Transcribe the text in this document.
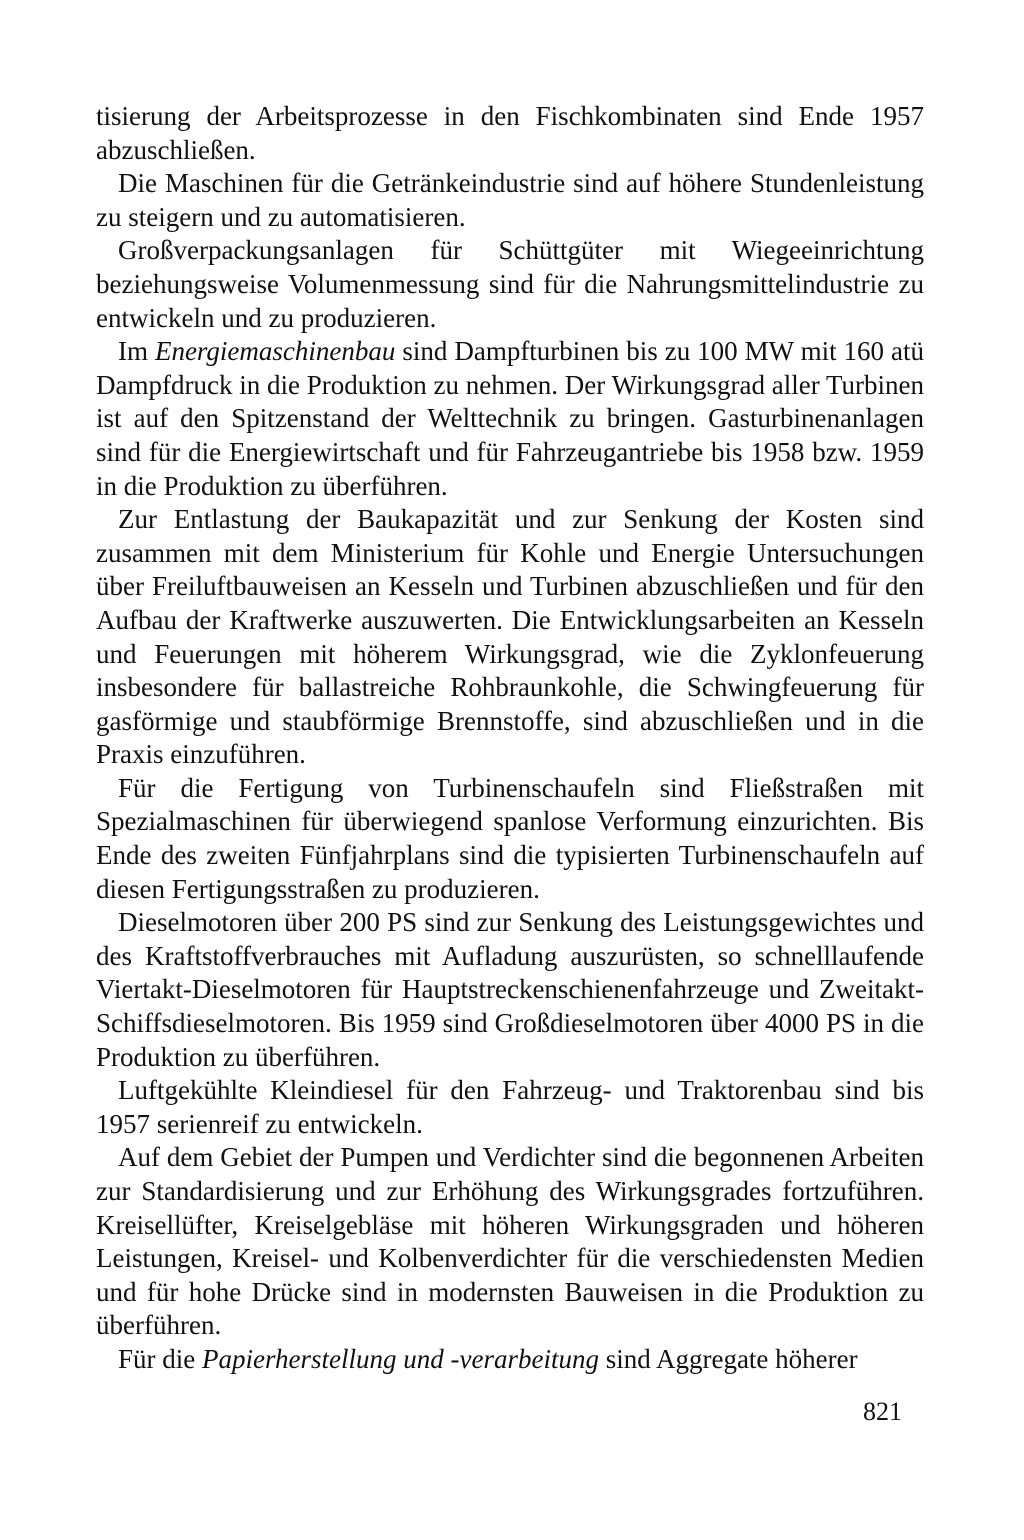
tisierung der Arbeitsprozesse in den Fischkombinaten sind Ende 1957 abzuschließen.

Die Maschinen für die Getränkeindustrie sind auf höhere Stundenleistung zu steigern und zu automatisieren.

Großverpackungsanlagen für Schüttgüter mit Wiegeeinrichtung beziehungsweise Volumenmessung sind für die Nahrungsmittelindustrie zu entwickeln und zu produzieren.

Im Energiemaschinenbau sind Dampfturbinen bis zu 100 MW mit 160 atü Dampfdruck in die Produktion zu nehmen. Der Wirkungsgrad aller Turbinen ist auf den Spitzenstand der Welttechnik zu bringen. Gasturbinenanlagen sind für die Energiewirtschaft und für Fahrzeugantriebe bis 1958 bzw. 1959 in die Produktion zu überführen.

Zur Entlastung der Baukapazität und zur Senkung der Kosten sind zusammen mit dem Ministerium für Kohle und Energie Untersuchungen über Freiluftbauweisen an Kesseln und Turbinen abzuschließen und für den Aufbau der Kraftwerke auszuwerten. Die Entwicklungsarbeiten an Kesseln und Feuerungen mit höherem Wirkungsgrad, wie die Zyklonfeuerung insbesondere für ballastreiche Rohbraunkohle, die Schwingfeuerung für gasförmige und staubförmige Brennstoffe, sind abzuschließen und in die Praxis einzuführen.

Für die Fertigung von Turbinenschaufeln sind Fließstraßen mit Spezialmaschinen für überwiegend spanlose Verformung einzurichten. Bis Ende des zweiten Fünfjahrplans sind die typisierten Turbinenschaufeln auf diesen Fertigungsstraßen zu produzieren.

Dieselmotoren über 200 PS sind zur Senkung des Leistungsgewichtes und des Kraftstoffverbrauches mit Aufladung auszurüsten, so schnelllaufende Viertakt-Dieselmotoren für Hauptstreckenschienenfahrzeuge und Zweitakt-Schiffsdieselmotoren. Bis 1959 sind Großdieselmotoren über 4000 PS in die Produktion zu überführen.

Luftgekühlte Kleindiesel für den Fahrzeug- und Traktorenbau sind bis 1957 serienreif zu entwickeln.

Auf dem Gebiet der Pumpen und Verdichter sind die begonnenen Arbeiten zur Standardisierung und zur Erhöhung des Wirkungsgrades fortzuführen. Kreisellüfter, Kreiselgebläse mit höheren Wirkungsgraden und höheren Leistungen, Kreisel- und Kolbenverdichter für die verschiedensten Medien und für hohe Drücke sind in modernsten Bauweisen in die Produktion zu überführen.

Für die Papierherstellung und -verarbeitung sind Aggregate höherer

821
